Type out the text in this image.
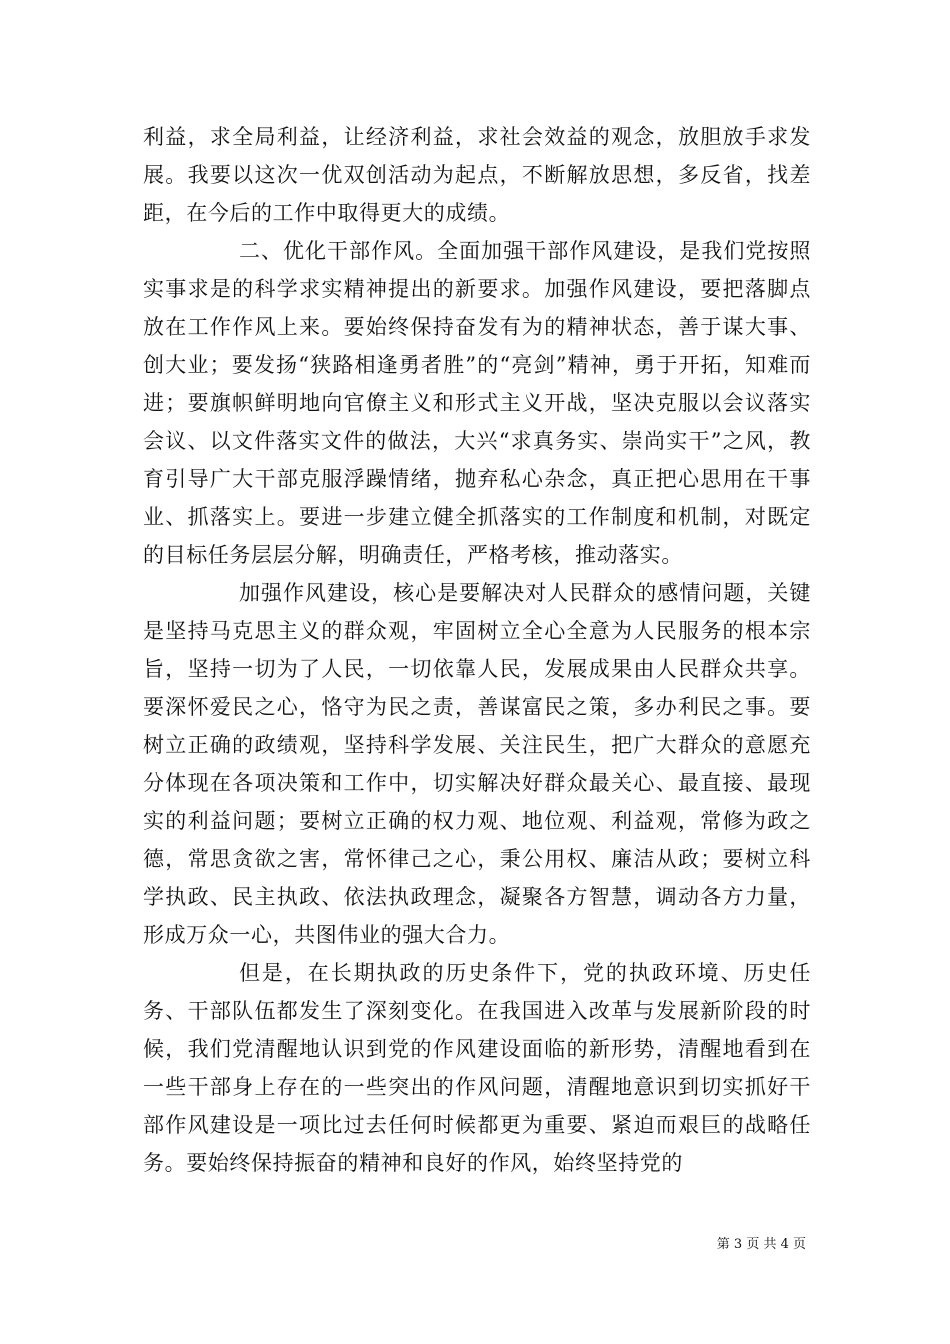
利益，求全局利益，让经济利益，求社会效益的观念，放胆放手求发展。我要以这次一优双创活动为起点，不断解放思想，多反省，找差距，在今后的工作中取得更大的成绩。

二、优化干部作风。全面加强干部作风建设，是我们党按照实事求是的科学求实精神提出的新要求。加强作风建设，要把落脚点放在工作作风上来。要始终保持奋发有为的精神状态，善于谋大事、创大业；要发扬“狭路相逢勇者胜”的“亮剑”精神，勇于开拓，知难而进；要旗帜鲜明地向官僚主义和形式主义开战，坚决克服以会议落实会议、以文件落实文件的做法，大兴“求真务实、崇尚实干”之风，教育引导广大干部克服浮躁情绪，抛弃私心杂念，真正把心思用在干事业、抓落实上。要进一步建立健全抓落实的工作制度和机制，对既定的目标任务层层分解，明确责任，严格考核，推动落实。

加强作风建设，核心是要解决对人民群众的感情问题，关键是坚持马克思主义的群众观，牢固树立全心全意为人民服务的根本宗旨，坚持一切为了人民，一切依靠人民，发展成果由人民群众共享。要深怀爱民之心，恪守为民之责，善谋富民之策，多办利民之事。要树立正确的政绩观，坚持科学发展、关注民生，把广大群众的意愿充分体现在各项决策和工作中，切实解决好群众最关心、最直接、最现实的利益问题；要树立正确的权力观、地位观、利益观，常修为政之德，常思贪欲之害，常怀律己之心，秉公用权、廉洁从政；要树立科学执政、民主执政、依法执政理念，凝聚各方智慧，调动各方力量，形成万众一心，共图伟业的强大合力。

但是，在长期执政的历史条件下，党的执政环境、历史任务、干部队伍都发生了深刻变化。在我国进入改革与发展新阶段的时候，我们党清醒地认识到党的作风建设面临的新形势，清醒地看到在一些干部身上存在的一些突出的作风问题，清醒地意识到切实抓好干部作风建设是一项比过去任何时候都更为重要、紧迫而艰巨的战略任务。要始终保持振奋的精神和良好的作风，始终坚持党的

第 3 页 共 4 页
